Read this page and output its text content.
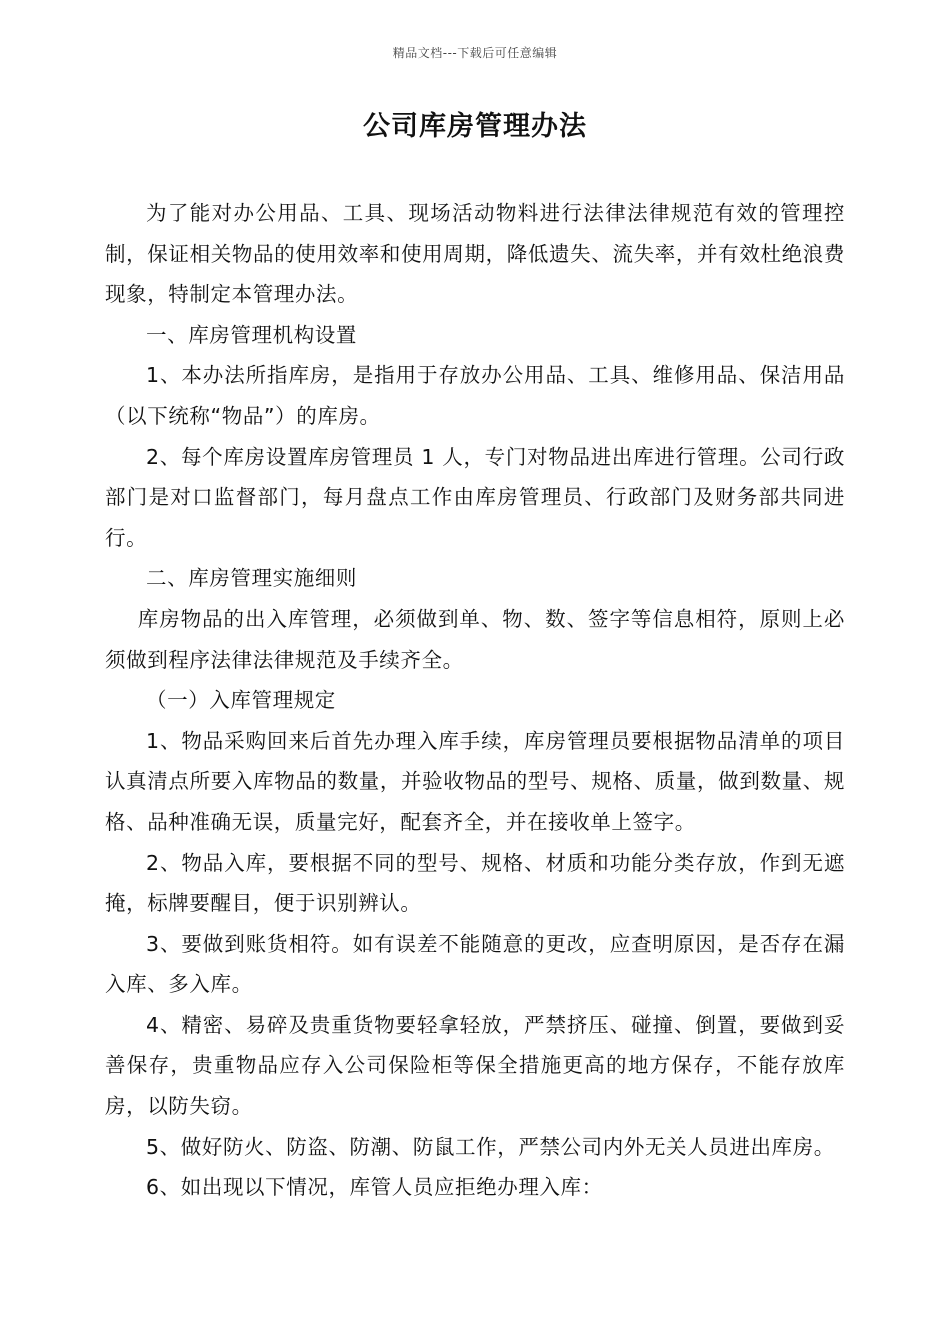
精品文档---下载后可任意编辑
公司库房管理办法

为了能对办公用品、工具、现场活动物料进行法律法律规范有效的管理控制，保证相关物品的使用效率和使用周期，降低遗失、流失率，并有效杜绝浪费现象，特制定本管理办法。

一、库房管理机构设置

1、本办法所指库房，是指用于存放办公用品、工具、维修用品、保洁用品（以下统称“物品”）的库房。

2、每个库房设置库房管理员 1 人，专门对物品进出库进行管理。公司行政部门是对口监督部门，每月盘点工作由库房管理员、行政部门及财务部共同进行。

二、库房管理实施细则

库房物品的出入库管理，必须做到单、物、数、签字等信息相符，原则上必须做到程序法律法律规范及手续齐全。

（一）入库管理规定

1、物品采购回来后首先办理入库手续，库房管理员要根据物品清单的项目认真清点所要入库物品的数量，并验收物品的型号、规格、质量，做到数量、规格、品种准确无误，质量完好，配套齐全，并在接收单上签字。

2、物品入库，要根据不同的型号、规格、材质和功能分类存放，作到无遮掩，标牌要醒目，便于识别辨认。

3、要做到账货相符。如有误差不能随意的更改，应查明原因，是否存在漏入库、多入库。

4、精密、易碎及贵重货物要轻拿轻放，严禁挤压、碰撞、倒置，要做到妥善保存，贵重物品应存入公司保险柜等保全措施更高的地方保存，不能存放库房，以防失窃。

5、做好防火、防盗、防潮、防鼠工作，严禁公司内外无关人员进出库房。

6、如出现以下情况，库管人员应拒绝办理入库：
